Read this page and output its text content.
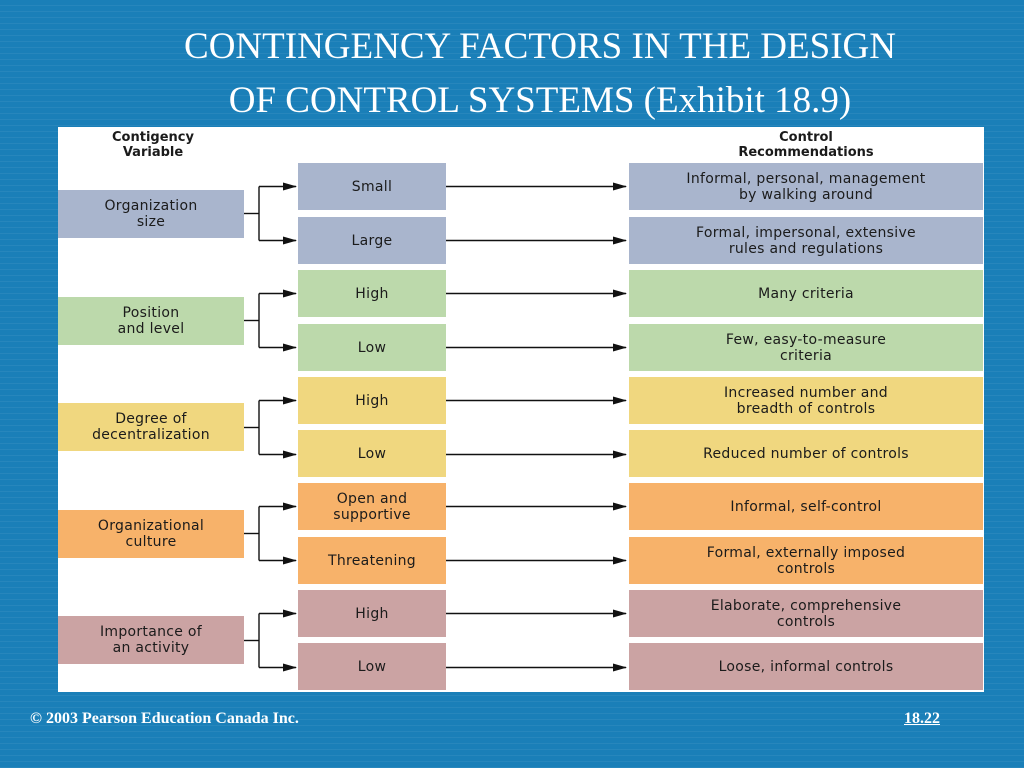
CONTINGENCY FACTORS IN THE DESIGN
OF CONTROL SYSTEMS (Exhibit 18.9)
Contigency
Variable
Control
Recommendations
Organization
size
Small
Large
Informal, personal, management
by walking around
Formal, impersonal, extensive
rules and regulations
Position
and level
High
Low
Many criteria
Few, easy-to-measure
criteria
Degree of
decentralization
High
Low
Increased number and
breadth of controls
Reduced number of controls
Organizational
culture
Open and
supportive
Threatening
Informal, self-control
Formal, externally imposed
controls
Importance of
an activity
High
Low
Elaborate, comprehensive
controls
Loose, informal controls
© 2003 Pearson Education Canada Inc.	18.22
